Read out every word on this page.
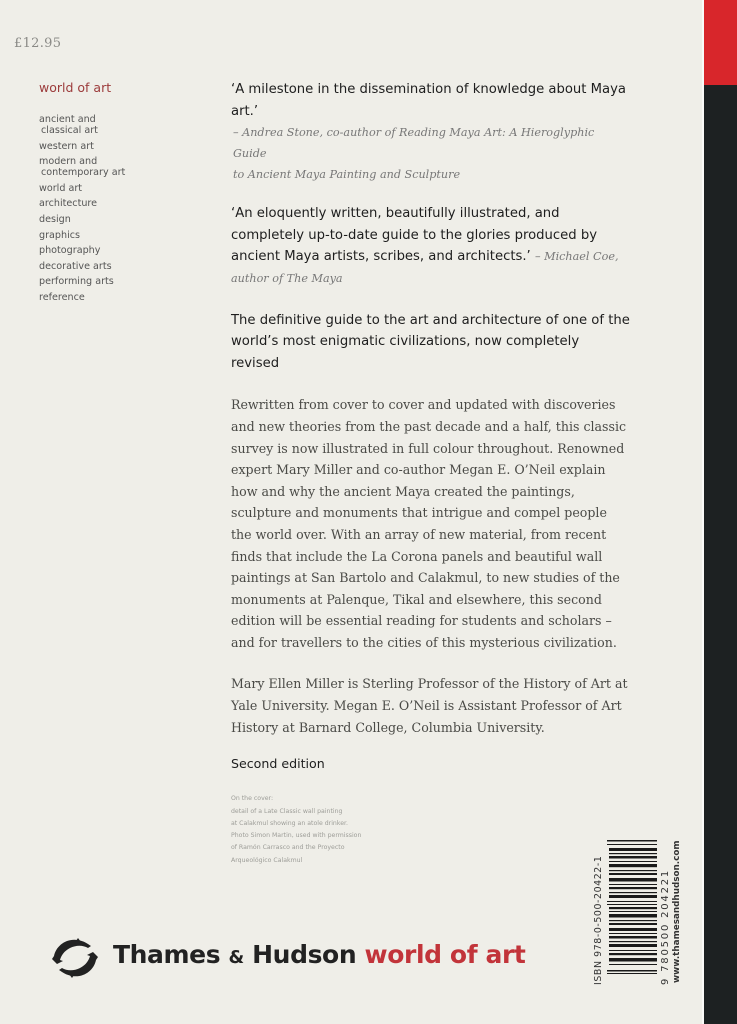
£12.95
world of art
ancient and
classical art
western art
modern and
contemporary art
world art
architecture
design
graphics
photography
decorative arts
performing arts
reference

‘A milestone in the dissemination of knowledge about Maya art.’

– Andrea Stone, co-author of Reading Maya Art: A Hieroglyphic Guide
to Ancient Maya Painting and Sculpture

‘An eloquently written, beautifully illustrated, and completely up-to-date guide to the glories produced by ancient Maya artists, scribes, and architects.’ – Michael Coe, author of The Maya

The definitive guide to the art and architecture of one of the world’s most enigmatic civilizations, now completely revised

Rewritten from cover to cover and updated with discoveries and new theories from the past decade and a half, this classic survey is now illustrated in full colour throughout. Renowned expert Mary Miller and co-author Megan E. O’Neil explain how and why the ancient Maya created the paintings, sculpture and monuments that intrigue and compel people the world over. With an array of new material, from recent finds that include the La Corona panels and beautiful wall paintings at San Bartolo and Calakmul, to new studies of the monuments at Palenque, Tikal and elsewhere, this second edition will be essential reading for students and scholars – and for travellers to the cities of this mysterious civilization.

Mary Ellen Miller is Sterling Professor of the History of Art at Yale University. Megan E. O’Neil is Assistant Professor of Art History at Barnard College, Columbia University.

Second edition

On the cover:

detail of a Late Classic wall painting

at Calakmul showing an atole drinker.

Photo Simon Martin, used with permission

of Ramón Carrasco and the Proyecto

Arqueológico Calakmul

Thames & Hudson world of art	ISBN 978-0-500-20422-1	9 780500 204221 www.thamesandhudson.com
